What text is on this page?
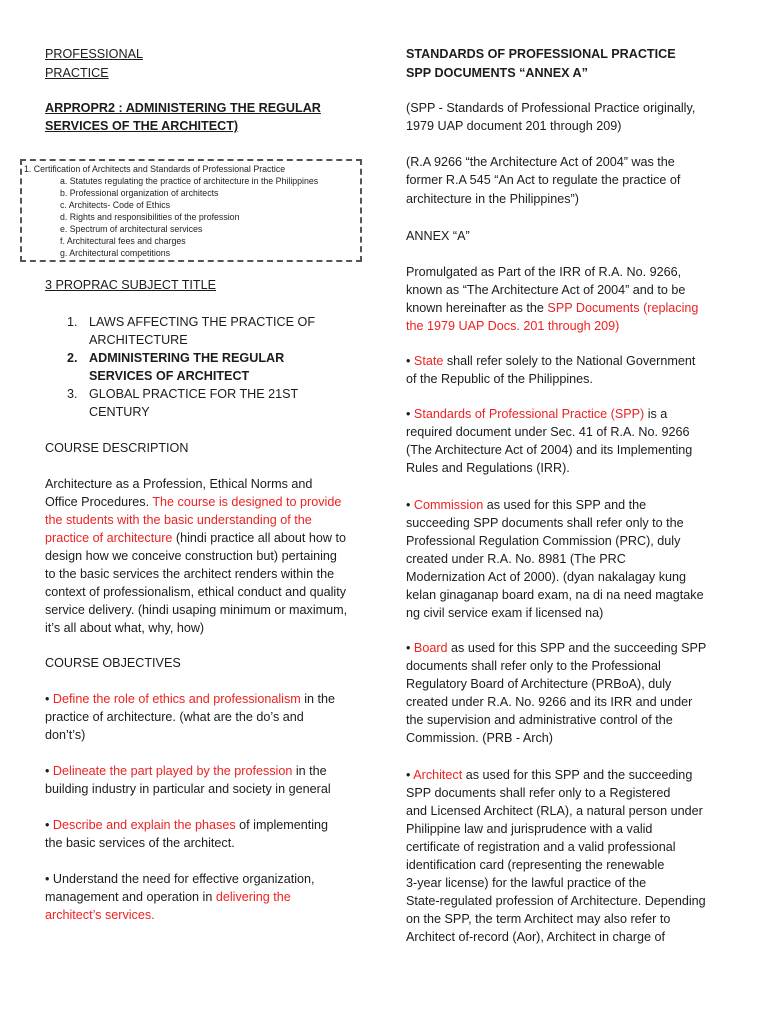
PROFESSIONAL
PRACTICE
ARPROPR2 : ADMINISTERING THE REGULAR
SERVICES OF THE ARCHITECT)
1. Certification of Architects and Standards of Professional Practice
a. Statutes regulating the practice of architecture in the Philippines
b. Professional organization of architects
c. Architects- Code of Ethics
d. Rights and responsibilities of the profession
e. Spectrum of architectural services
f. Architectural fees and charges
g. Architectural competitions
3 PROPRAC SUBJECT TITLE
1. LAWS AFFECTING THE PRACTICE OF
ARCHITECTURE
2. ADMINISTERING THE REGULAR
SERVICES OF ARCHITECT
3. GLOBAL PRACTICE FOR THE 21ST
CENTURY
COURSE DESCRIPTION
Architecture as a Profession, Ethical Norms and
Office Procedures. The course is designed to provide
the students with the basic understanding of the
practice of architecture (hindi practice all about how to
design how we conceive construction but) pertaining
to the basic services the architect renders within the
context of professionalism, ethical conduct and quality
service delivery. (hindi usaping minimum or maximum,
it’s all about what, why, how)
COURSE OBJECTIVES
• Define the role of ethics and professionalism in the
practice of architecture. (what are the do’s and
don’t’s)
• Delineate the part played by the profession in the
building industry in particular and society in general
• Describe and explain the phases of implementing
the basic services of the architect.
• Understand the need for effective organization,
management and operation in delivering the
architect’s services.
STANDARDS OF PROFESSIONAL PRACTICE
SPP DOCUMENTS “ANNEX A”
(SPP - Standards of Professional Practice originally,
1979 UAP document 201 through 209)
(R.A 9266 “the Architecture Act of 2004” was the
former R.A 545 “An Act to regulate the practice of
architecture in the Philippines”)
ANNEX “A”
Promulgated as Part of the IRR of R.A. No. 9266,
known as “The Architecture Act of 2004” and to be
known hereinafter as the SPP Documents (replacing
the 1979 UAP Docs. 201 through 209)
• State shall refer solely to the National Government
of the Republic of the Philippines.
• Standards of Professional Practice (SPP) is a
required document under Sec. 41 of R.A. No. 9266
(The Architecture Act of 2004) and its Implementing
Rules and Regulations (IRR).
• Commission as used for this SPP and the
succeeding SPP documents shall refer only to the
Professional Regulation Commission (PRC), duly
created under R.A. No. 8981 (The PRC
Modernization Act of 2000). (dyan nakalagay kung
kelan ginaganap board exam, na di na need magtake
ng civil service exam if licensed na)
• Board as used for this SPP and the succeeding SPP
documents shall refer only to the Professional
Regulatory Board of Architecture (PRBoA), duly
created under R.A. No. 9266 and its IRR and under
the supervision and administrative control of the
Commission. (PRB - Arch)
• Architect as used for this SPP and the succeeding
SPP documents shall refer only to a Registered
and Licensed Architect (RLA), a natural person under
Philippine law and jurisprudence with a valid
certificate of registration and a valid professional
identification card (representing the renewable
3-year license) for the lawful practice of the
State-regulated profession of Architecture. Depending
on the SPP, the term Architect may also refer to
Architect of-record (Aor), Architect in charge of
